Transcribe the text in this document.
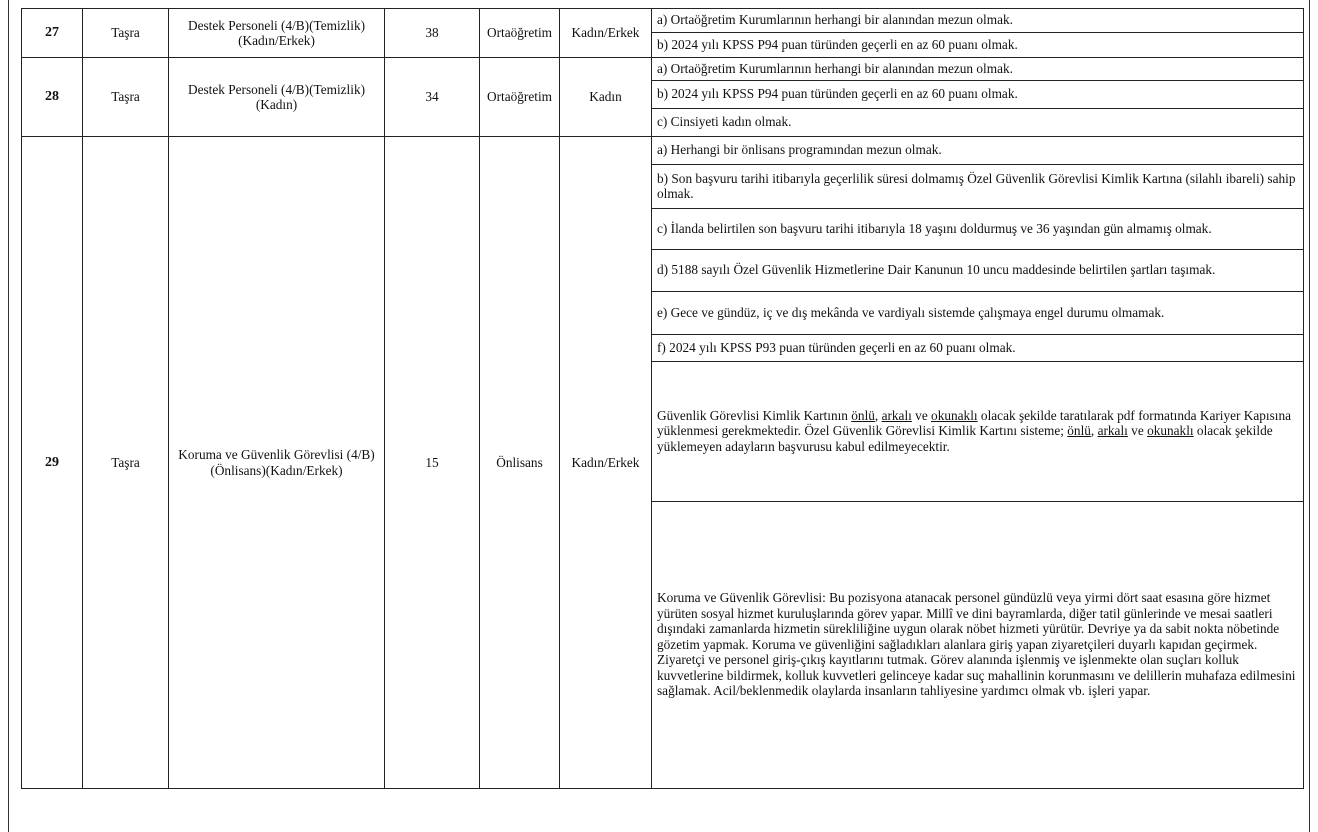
27	Taşra	Destek Personeli (4/B)(Temizlik)(Kadın/Erkek)	38	Ortaöğretim	Kadın/Erkek	a) Ortaöğretim Kurumlarının herhangi bir alanından mezun olmak.
						b) 2024 yılı KPSS P94 puan türünden geçerli en az 60 puanı olmak.
28	Taşra	Destek Personeli (4/B)(Temizlik)(Kadın)	34	Ortaöğretim	Kadın	a) Ortaöğretim Kurumlarının herhangi bir alanından mezun olmak.
						b) 2024 yılı KPSS P94 puan türünden geçerli en az 60 puanı olmak.
						c) Cinsiyeti kadın olmak.
29	Taşra	Koruma ve Güvenlik Görevlisi (4/B)(Önlisans)(Kadın/Erkek)	15	Önlisans	Kadın/Erkek	a) Herhangi bir önlisans programından mezun olmak.
						b) Son başvuru tarihi itibarıyla geçerlilik süresi dolmamış Özel Güvenlik Görevlisi Kimlik Kartına (silahlı ibareli) sahip olmak.
						c) İlanda belirtilen son başvuru tarihi itibarıyla 18 yaşını doldurmuş ve 36 yaşından gün almamış olmak.
						d) 5188 sayılı Özel Güvenlik Hizmetlerine Dair Kanunun 10 uncu maddesinde belirtilen şartları taşımak.
						e) Gece ve gündüz, iç ve dış mekânda ve vardiyalı sistemde çalışmaya engel durumu olmamak.
						f) 2024 yılı KPSS P93 puan türünden geçerli en az 60 puanı olmak.
						Güvenlik Görevlisi Kimlik Kartının önlü, arkalı ve okunaklı olacak şekilde taratılarak pdf formatında Kariyer Kapısına yüklenmesi gerekmektedir. Özel Güvenlik Görevlisi Kimlik Kartını sisteme; önlü, arkalı ve okunaklı olacak şekilde yüklemeyen adayların başvurusu kabul edilmeyecektir.
						Koruma ve Güvenlik Görevlisi: Bu pozisyona atanacak personel gündüzlü veya yirmi dört saat esasına göre hizmet yürüten sosyal hizmet kuruluşlarında görev yapar. Millî ve dini bayramlarda, diğer tatil günlerinde ve mesai saatleri dışındaki zamanlarda hizmetin sürekliliğine uygun olarak nöbet hizmeti yürütür. Devriye ya da sabit nokta nöbetinde gözetim yapmak. Koruma ve güvenliğini sağladıkları alanlara giriş yapan ziyaretçileri duyarlı kapıdan geçirmek. Ziyaretçi ve personel giriş-çıkış kayıtlarını tutmak. Görev alanında işlenmiş ve işlenmekte olan suçları kolluk kuvvetlerine bildirmek, kolluk kuvvetleri gelinceye kadar suç mahallinin korunmasını ve delillerin muhafaza edilmesini sağlamak. Acil/beklenmedik olaylarda insanların tahliyesine yardımcı olmak vb. işleri yapar.
